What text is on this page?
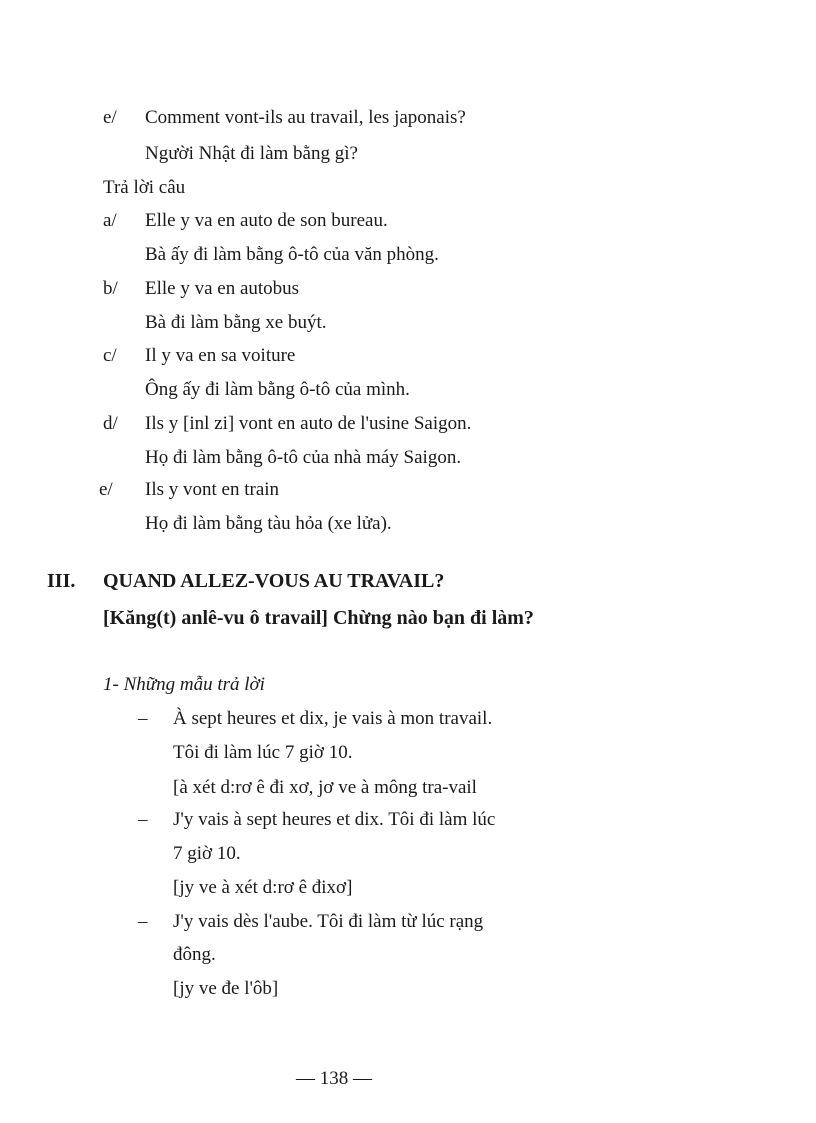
e/ Comment vont-ils au travail, les japonais?
Người Nhật đi làm bằng gì?
Trả lời câu
a/ Elle y va en auto de son bureau.
Bà ấy đi làm bằng ô-tô của văn phòng.
b/ Elle y va en autobus
Bà đi làm bằng xe buýt.
c/ Il y va en sa voiture
Ông ấy đi làm bằng ô-tô của mình.
d/ Ils y [inl zi] vont en auto de l'usine Saigon.
Họ đi làm bằng ô-tô của nhà máy Saigon.
e/ Ils y vont en train
Họ đi làm bằng tàu hỏa (xe lửa).
III. QUAND ALLEZ-VOUS AU TRAVAIL?
[Kăng(t) anlê-vu ô travail] Chừng nào bạn đi làm?
1- Những mẫu trả lời
– À sept heures et dix, je vais à mon travail.
Tôi đi làm lúc 7 giờ 10.
[à xét d:rơ ê đi xơ, jơ ve à mông tra-vail
– J'y vais à sept heures et dix. Tôi đi làm lúc
7 giờ 10.
[jy ve à xét d:rơ ê đixơ]
– J'y vais dès l'aube. Tôi đi làm từ lúc rạng
đông.
[jy ve đe l'ôb]
— 138 —
